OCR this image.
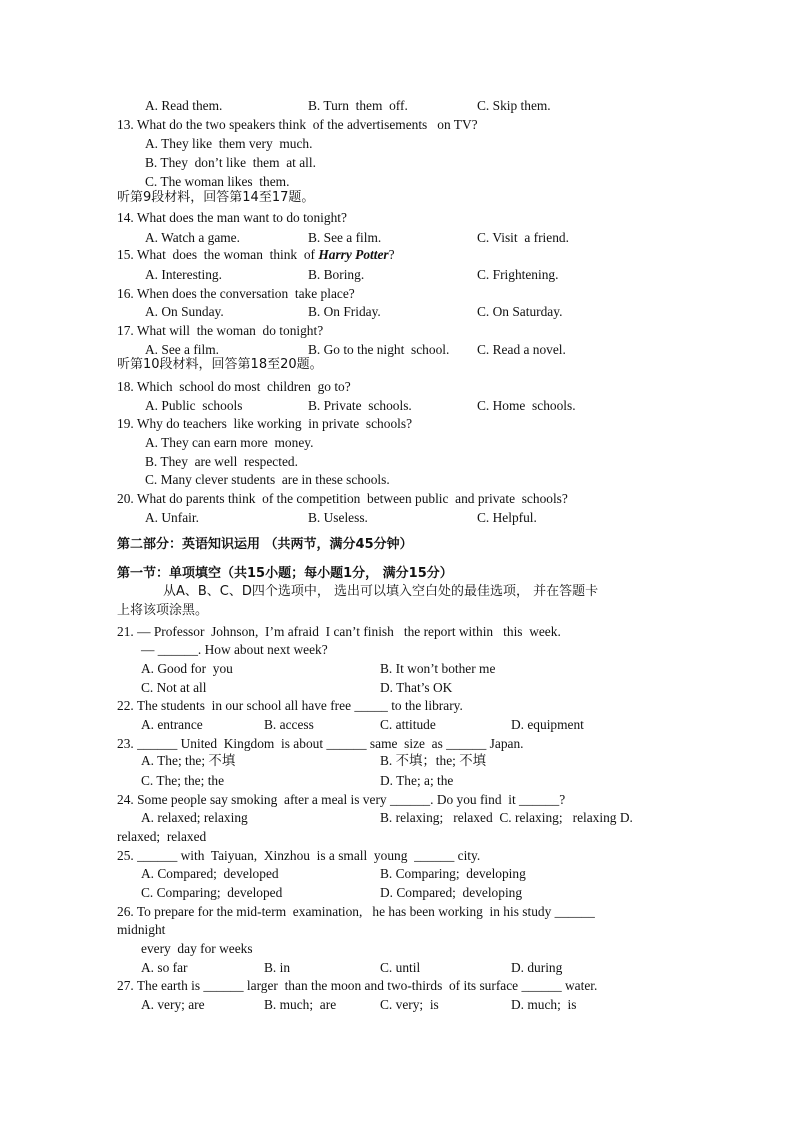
A. Read them.	B. Turn  them  off.	C. Skip them.
13. What do the two speakers think  of the advertisements   on TV?
A. They like  them very  much.
B. They  don’t like  them  at all.
C. The woman likes  them.
听第9段材料，回答第14至17题。
14. What does the man want to do tonight?
A. Watch a game.	B. See a film.	C. Visit  a friend.
15. What  does  the woman  think  of Harry Potter?
A. Interesting.	B. Boring.	C. Frightening.
16. When does the conversation  take place?
A. On Sunday.	B. On Friday.	C. On Saturday.
17. What will  the woman  do tonight?
A. See a film.	B. Go to the night  school. C. Read a novel.
听第10段材料，回答第18至20题。
18. Which  school do most  children  go to?
A. Public  schools	B. Private  schools.	C. Home  schools.
19. Why do teachers  like working  in private  schools?
A. They can earn more  money.
B. They  are well  respected.
C. Many clever students  are in these schools.
20. What do parents think  of the competition  between public  and private  schools?
A. Unfair.	B. Useless.	C. Helpful.
第二部分：英语知识运用 （共两节，满分45分钟）
第一节：单项填空（共15小题；每小题1分， 满分15分）
从A、B、C、D四个选项中， 选出可以填入空白处的最佳选项， 并在答题卡
上将该项涂黑。
21. — Professor  Johnson,  I’m afraid  I can’t finish   the report within   this  week.
— ______. How about next week?
A. Good for  you	B. It won’t bother me
C. Not at all	D. That’s OK
22. The students  in our school all have free _____ to the library.
A. entrance	B. access	C. attitude	D. equipment
23. ______ United  Kingdom  is about ______ same  size  as ______ Japan.
A. The; the; 不填	B. 不填；the; 不填
C. The; the; the	D. The; a; the
24. Some people say smoking  after a meal is very ______. Do you find  it ______?
A. relaxed; relaxing	B. relaxing;   relaxed  C. relaxing;   relaxing D.
relaxed;  relaxed
25. ______ with  Taiyuan,  Xinzhou  is a small  young  ______ city.
A. Compared;  developed	B. Comparing;  developing
C. Comparing;  developed	D. Compared;  developing
26. To prepare for the mid-term  examination,   he has been working  in his study ______
midnight
every  day for weeks
A. so far	B. in	C. until	D. during
27. The earth is ______ larger  than the moon and two-thirds  of its surface ______ water.
A. very; are	B. much;  are	C. very;  is	D. much;  is
